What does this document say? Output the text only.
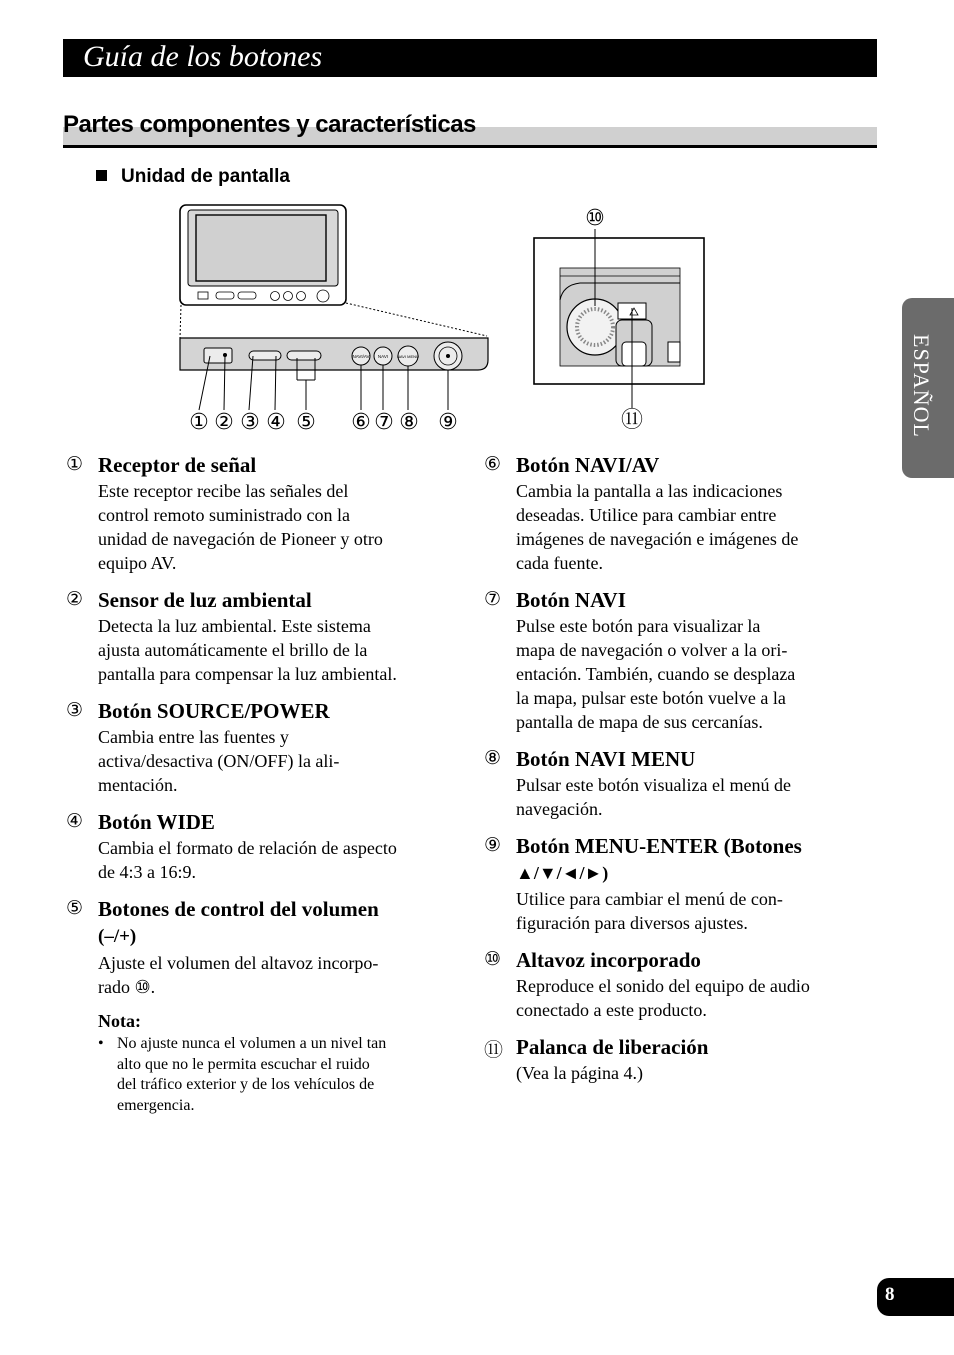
Guía de los botones
Partes componentes y características
Unidad de pantalla
ESPAÑOL
NAVI/AV NAVI NAVI MENU
① ② ③ ④ ⑤ ⑥ ⑦ ⑧ ⑨
⑩
⑪
① Receptor de señal

Este receptor recibe las señales del
control remoto suministrado con la
unidad de navegación de Pioneer y otro
equipo AV.

② Sensor de luz ambiental

Detecta la luz ambiental. Este sistema
ajusta automáticamente el brillo de la
pantalla para compensar la luz ambiental.

③ Botón SOURCE/POWER

Cambia entre las fuentes y
activa/desactiva (ON/OFF) la ali-
mentación.

④ Botón WIDE

Cambia el formato de relación de aspecto
de 4:3 a 16:9.

⑤ Botones de control del volumen
(–/+)

Ajuste el volumen del altavoz incorpo-
rado ⑩.

Nota:
• No ajuste nunca el volumen a un nivel tan
alto que no le permita escuchar el ruido
del tráfico exterior y de los vehículos de
emergencia.
⑥ Botón NAVI/AV

Cambia la pantalla a las indicaciones
deseadas. Utilice para cambiar entre
imágenes de navegación e imágenes de
cada fuente.

⑦ Botón NAVI

Pulse este botón para visualizar la
mapa de navegación o volver a la ori-
entación. También, cuando se desplaza
la mapa, pulsar este botón vuelve a la
pantalla de mapa de sus cercanías.

⑧ Botón NAVI MENU

Pulsar este botón visualiza el menú de
navegación.

⑨ Botón MENU-ENTER (Botones
▲/▼/◄/►)

Utilice para cambiar el menú de con-
figuración para diversos ajustes.

⑩ Altavoz incorporado

Reproduce el sonido del equipo de audio
conectado a este producto.

⑪ Palanca de liberación

(Vea la página 4.)

8
